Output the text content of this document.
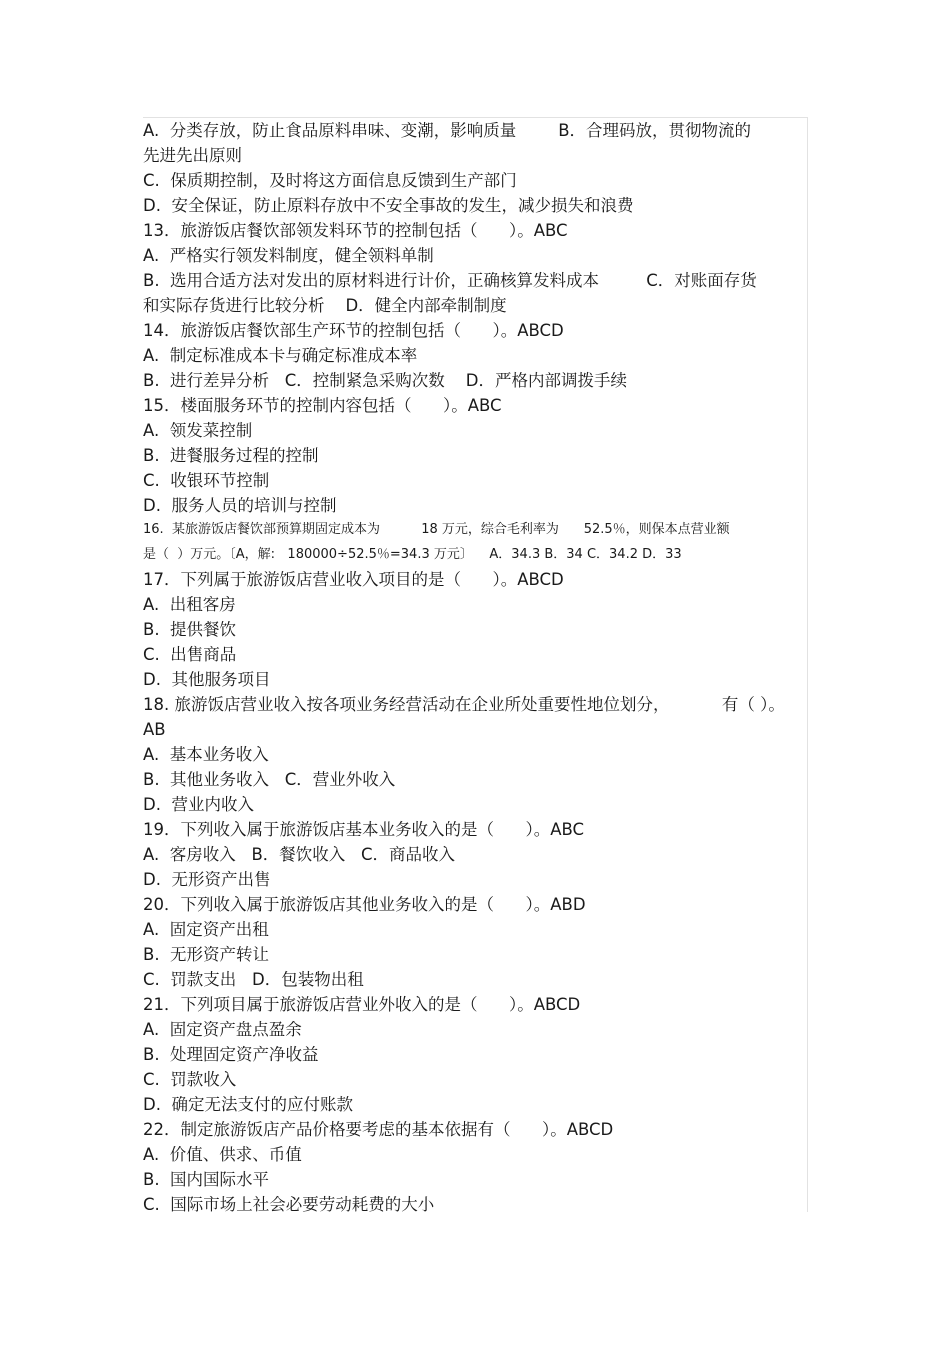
A.  分类存放，防止食品原料串味、变潮，影响质量        B．合理码放，贯彻物流的
先进先出原则
C.  保质期控制，及时将这方面信息反馈到生产部门
D.  安全保证，防止原料存放中不安全事故的发生，减少损失和浪费
13．旅游饭店餐饮部领发料环节的控制包括（      ）。ABC
A.  严格实行领发料制度，健全领料单制
B.  选用合适方法对发出的原材料进行计价，正确核算发料成本         C．对账面存货
和实际存货进行比较分析    D．健全内部牵制制度
14．旅游饭店餐饮部生产环节的控制包括（      ）。ABCD
A.  制定标准成本卡与确定标准成本率
B.  进行差异分析   C．控制紧急采购次数    D．严格内部调拨手续
15．楼面服务环节的控制内容包括（      ）。ABC
A.  领发菜控制
B.  进餐服务过程的控制
C.  收银环节控制
D.  服务人员的培训与控制
16.  某旅游饭店餐饮部预算期固定成本为          18 万元，综合毛利率为      52.5％，则保本点营业额
是（  ）万元。〔A，解:   180000÷52.5％=34.3 万元〕    A．34.3 B．34 C．34.2 D．33
17．下列属于旅游饭店营业收入项目的是（      ）。ABCD
A.  出租客房
B.  提供餐饮
C.  出售商品
D.  其他服务项目
18. 旅游饭店营业收入按各项业务经营活动在企业所处重要性地位划分，          有（ ）。
AB
A.  基本业务收入
B.  其他业务收入   C．营业外收入
D.  营业内收入
19．下列收入属于旅游饭店基本业务收入的是（      ）。ABC
A.  客房收入   B．餐饮收入   C．商品收入
D.  无形资产出售
20．下列收入属于旅游饭店其他业务收入的是（      ）。ABD
A.  固定资产出租
B.  无形资产转让
C.  罚款支出   D．包装物出租
21．下列项目属于旅游饭店营业外收入的是（      ）。ABCD
A.  固定资产盘点盈余
B.  处理固定资产净收益
C.  罚款收入
D.  确定无法支付的应付账款
22．制定旅游饭店产品价格要考虑的基本依据有（      ）。ABCD
A.  价值、供求、币值
B.  国内国际水平
C.  国际市场上社会必要劳动耗费的大小
